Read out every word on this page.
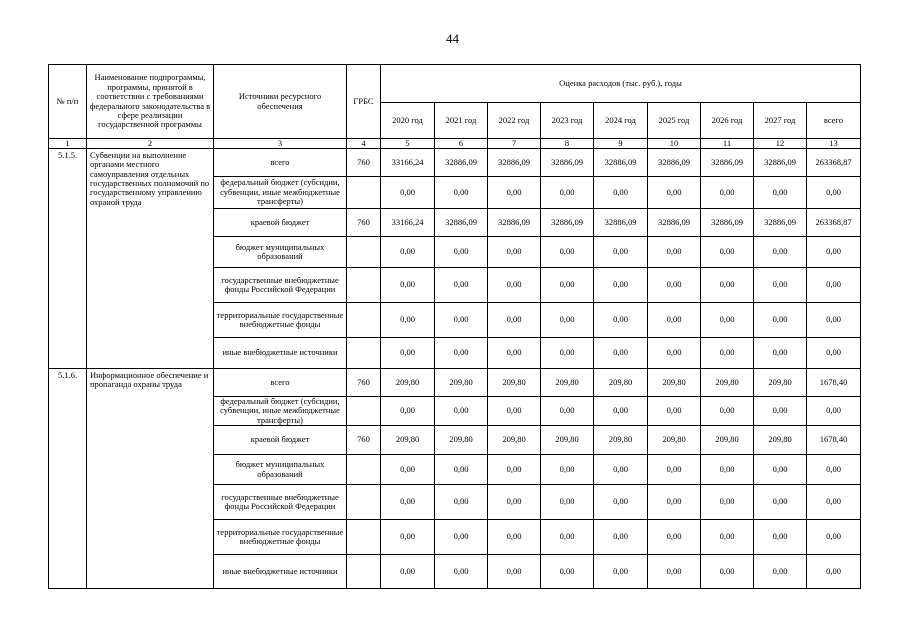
44
№ п/п	Наименование подпрограммы, программы, принятой в соответствии с требованиями федерального законодательства в сфере реализации государственной программы	Источники ресурсного обеспечения	ГРБС	Оценка расходов (тыс. руб.), годы								
				2020 год	2021 год	2022 год	2023 год	2024 год	2025 год	2026 год	2027 год	всего
1	2	3	4	5	6	7	8	9	10	11	12	13
5.1.5.	Субвенции на выполнение органами местного самоуправления отдельных государственных полномочий по государственному управлению охраной труда	всего	760	33166,24	32886,09	32886,09	32886,09	32886,09	32886,09	32886,09	32886,09	263368,87
		федеральный бюджет (субсидии, субвенции, иные межбюджетные трансферты)		0,00	0,00	0,00	0,00	0,00	0,00	0,00	0,00	0,00
		краевой бюджет	760	33166,24	32886,09	32886,09	32886,09	32886,09	32886,09	32886,09	32886,09	263368,87
		бюджет муниципальных образований		0,00	0,00	0,00	0,00	0,00	0,00	0,00	0,00	0,00
		государственные внебюджетные фонды Российской Федерации		0,00	0,00	0,00	0,00	0,00	0,00	0,00	0,00	0,00
		территориальные государственные внебюджетные фонды		0,00	0,00	0,00	0,00	0,00	0,00	0,00	0,00	0,00
		иные внебюджетные источники		0,00	0,00	0,00	0,00	0,00	0,00	0,00	0,00	0,00
5.1.6.	Информационное обеспечение и пропаганда охраны труда	всего	760	209,80	209,80	209,80	209,80	209,80	209,80	209,80	209,80	1678,40
		федеральный бюджет (субсидии, субвенции, иные межбюджетные трансферты)		0,00	0,00	0,00	0,00	0,00	0,00	0,00	0,00	0,00
		краевой бюджет	760	209,80	209,80	209,80	209,80	209,80	209,80	209,80	209,80	1678,40
		бюджет муниципальных образований		0,00	0,00	0,00	0,00	0,00	0,00	0,00	0,00	0,00
		государственные внебюджетные фонды Российской Федерации		0,00	0,00	0,00	0,00	0,00	0,00	0,00	0,00	0,00
		территориальные государственные внебюджетные фонды		0,00	0,00	0,00	0,00	0,00	0,00	0,00	0,00	0,00
		иные внебюджетные источники		0,00	0,00	0,00	0,00	0,00	0,00	0,00	0,00	0,00
